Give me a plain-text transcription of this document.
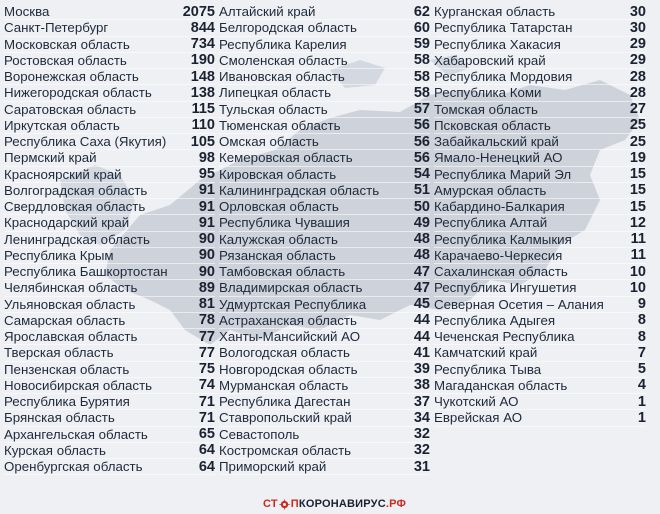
Москва	2075
Санкт-Петербург	844
Московская область	734
Ростовская область	190
Воронежская область	148
Нижегородская область	138
Саратовская область	115
Иркутская область	110
Республика Саха (Якутия) 105
Пермский край	98
Красноярский край	95
Волгоградская область	91
Свердловская область	91
Краснодарский край	91
Ленинградская область	90
Республика Крым	90
Республика Башкортостан 90
Челябинская область	89
Ульяновская область	81
Самарская область	78
Ярославская область	77
Тверская область	77
Пензенская область	75
Новосибирская область	74
Республика Бурятия	71
Брянская область	71
Архангельская область	65
Курская область	64
Оренбургская область	64
Алтайский край	62
Белгородская область	60
Республика Карелия	59
Смоленская область	58
Ивановская область	58
Липецкая область	58
Тульская область	57
Тюменская область	56
Омская область	56
Кемеровская область	56
Кировская область	54
Калининградская область 51
Орловская область	50
Республика Чувашия	49
Калужская область	48
Рязанская область	48
Тамбовская область	47
Владимирская область	47
Удмуртская Республика	45
Астраханская область	44
Ханты-Мансийский АО	44
Вологодская область	41
Новгородская область	39
Мурманская область	38
Республика Дагестан	37
Ставропольский край	34
Севастополь	32
Костромская область	32
Приморский край	31
Курганская область	30
Республика Татарстан	30
Республика Хакасия	29
Хабаровский край	29
Республика Мордовия	28
Республика Коми	28
Томская область	27
Псковская область	25
Забайкальский край	25
Ямало-Ненецкий АО	19
Республика Марий Эл	15
Амурская область	15
Кабардино-Балкария	15
Республика Алтай	12
Республика Калмыкия	11
Карачаево-Черкесия	11
Сахалинская область	10
Республика Ингушетия	10
Северная Осетия – Алания 9
Республика Адыгея	8
Чеченская Республика	8
Камчатский край	7
Республика Тыва	5
Магаданская область	4
Чукотский АО	1
Еврейская АО	1
СТ П КОРОНАВИРУС .РФ
